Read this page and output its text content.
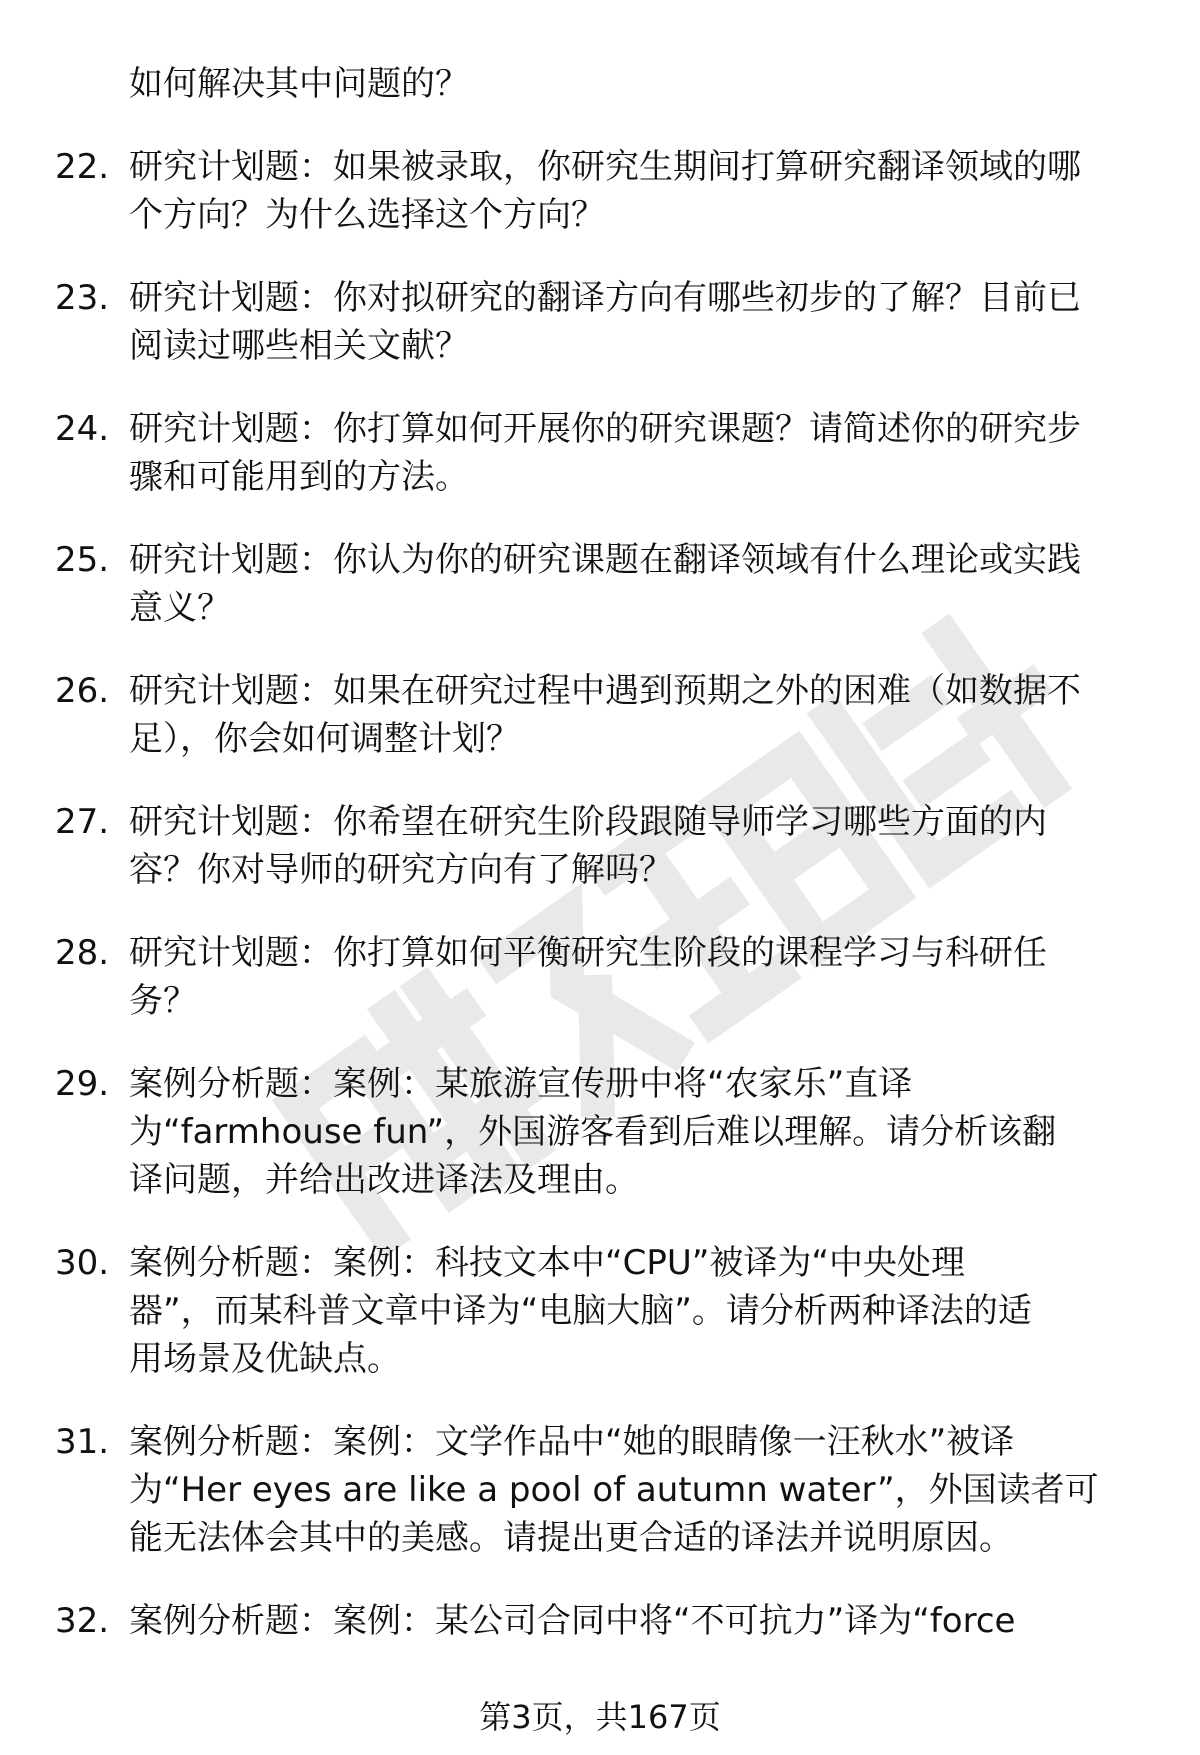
如何解决其中问题的？
22. 研究计划题：如果被录取，你研究生期间打算研究翻译领域的哪
个方向？为什么选择这个方向？
23. 研究计划题：你对拟研究的翻译方向有哪些初步的了解？目前已
阅读过哪些相关文献？
24. 研究计划题：你打算如何开展你的研究课题？请简述你的研究步
骤和可能用到的方法。
25. 研究计划题：你认为你的研究课题在翻译领域有什么理论或实践
意义？
26. 研究计划题：如果在研究过程中遇到预期之外的困难（如数据不
足），你会如何调整计划？
27. 研究计划题：你希望在研究生阶段跟随导师学习哪些方面的内
容？你对导师的研究方向有了解吗？
28. 研究计划题：你打算如何平衡研究生阶段的课程学习与科研任
务？
29. 案例分析题：案例：某旅游宣传册中将“农家乐”直译
为“farmhouse fun”，外国游客看到后难以理解。请分析该翻
译问题，并给出改进译法及理由。
30. 案例分析题：案例：科技文本中“CPU”被译为“中央处理
器”，而某科普文章中译为“电脑大脑”。请分析两种译法的适
用场景及优缺点。
31. 案例分析题：案例：文学作品中“她的眼睛像一汪秋水”被译
为“Her eyes are like a pool of autumn water”，外国读者可
能无法体会其中的美感。请提出更合适的译法并说明原因。
32. 案例分析题：案例：某公司合同中将“不可抗力”译为“force
第3页，共167页
